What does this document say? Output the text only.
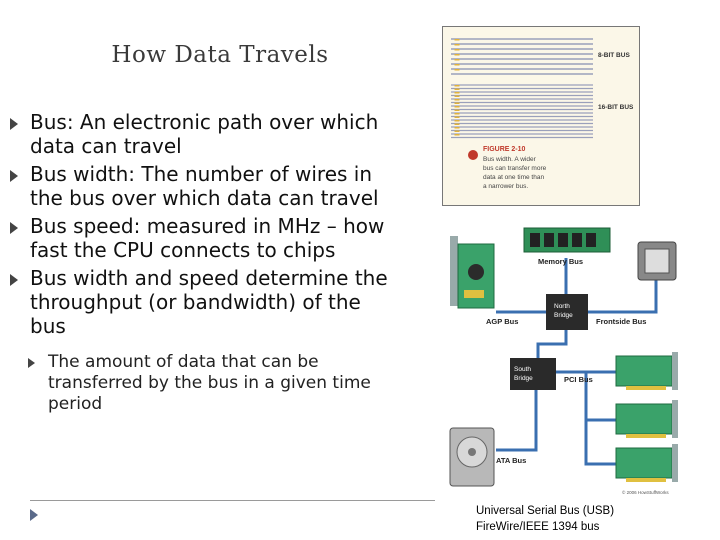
How Data Travels
Bus: An electronic path over which data can travel
Bus width: The number of wires in the bus over which data can travel
Bus speed: measured in MHz – how fast the CPU connects to chips
Bus width and speed determine the throughput (or bandwidth) of the bus
The amount of data that can be transferred by the bus in a given time period
Universal Serial Bus (USB)
FireWire/IEEE 1394 bus
8-BIT BUS
16-BIT BUS
FIGURE 2-10
Bus width. A wider
bus can transfer more
data at one time than
a narrower bus.
Memory Bus
AGP Bus
North
Bridge
Frontside Bus
South
Bridge	PCI Bus
ATA Bus
© 2006 HowStuffWorks
